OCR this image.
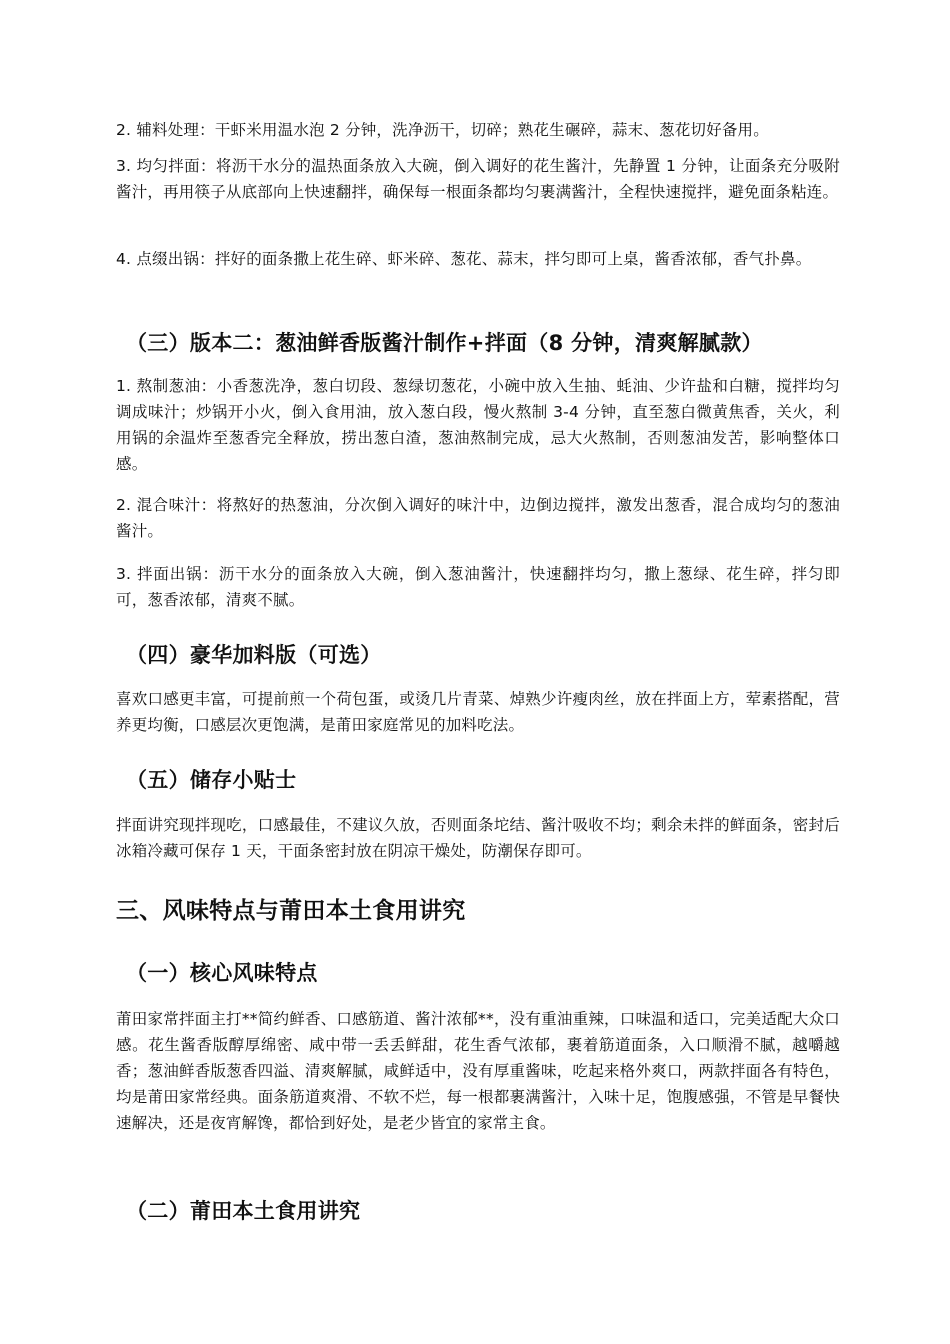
2. 辅料处理：干虾米用温水泡 2 分钟，洗净沥干，切碎；熟花生碾碎，蒜末、葱花切好备用。

3. 均匀拌面：将沥干水分的温热面条放入大碗，倒入调好的花生酱汁，先静置 1 分钟，让面条充分吸附酱汁，再用筷子从底部向上快速翻拌，确保每一根面条都均匀裹满酱汁，全程快速搅拌，避免面条粘连。

4. 点缀出锅：拌好的面条撒上花生碎、虾米碎、葱花、蒜末，拌匀即可上桌，酱香浓郁，香气扑鼻。

（三）版本二：葱油鲜香版酱汁制作+拌面（8 分钟，清爽解腻款）

1. 熬制葱油：小香葱洗净，葱白切段、葱绿切葱花，小碗中放入生抽、蚝油、少许盐和白糖，搅拌均匀调成味汁；炒锅开小火，倒入食用油，放入葱白段，慢火熬制 3-4 分钟，直至葱白微黄焦香，关火，利用锅的余温炸至葱香完全释放，捞出葱白渣，葱油熬制完成，忌大火熬制，否则葱油发苦，影响整体口感。

2. 混合味汁：将熬好的热葱油，分次倒入调好的味汁中，边倒边搅拌，激发出葱香，混合成均匀的葱油酱汁。

3. 拌面出锅：沥干水分的面条放入大碗，倒入葱油酱汁，快速翻拌均匀，撒上葱绿、花生碎，拌匀即可，葱香浓郁，清爽不腻。

（四）豪华加料版（可选）

喜欢口感更丰富，可提前煎一个荷包蛋，或烫几片青菜、焯熟少许瘦肉丝，放在拌面上方，荤素搭配，营养更均衡，口感层次更饱满，是莆田家庭常见的加料吃法。

（五）储存小贴士

拌面讲究现拌现吃，口感最佳，不建议久放，否则面条坨结、酱汁吸收不均；剩余未拌的鲜面条，密封后冰箱冷藏可保存 1 天，干面条密封放在阴凉干燥处，防潮保存即可。

三、风味特点与莆田本土食用讲究
（一）核心风味特点

莆田家常拌面主打**简约鲜香、口感筋道、酱汁浓郁**，没有重油重辣，口味温和适口，完美适配大众口感。花生酱香版醇厚绵密、咸中带一丢丢鲜甜，花生香气浓郁，裹着筋道面条，入口顺滑不腻，越嚼越香；葱油鲜香版葱香四溢、清爽解腻，咸鲜适中，没有厚重酱味，吃起来格外爽口，两款拌面各有特色，均是莆田家常经典。面条筋道爽滑、不软不烂，每一根都裹满酱汁，入味十足，饱腹感强，不管是早餐快速解决，还是夜宵解馋，都恰到好处，是老少皆宜的家常主食。

（二）莆田本土食用讲究
